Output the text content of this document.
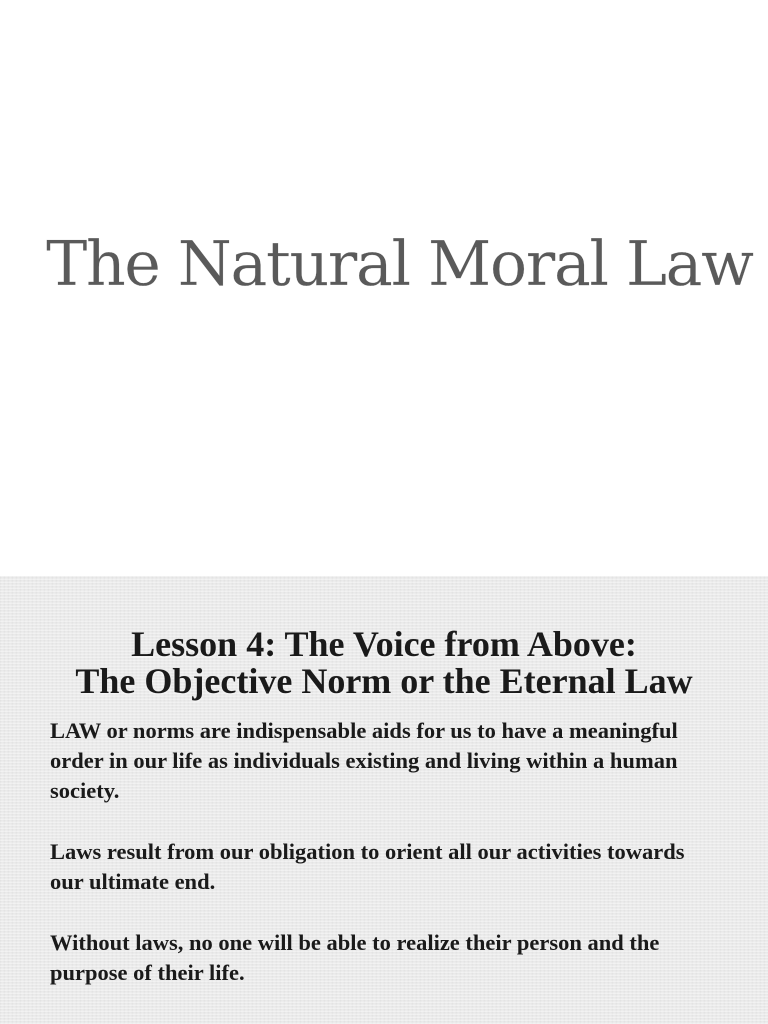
The Natural Moral Law
Lesson 4: The Voice from Above:
The Objective Norm or the Eternal Law

LAW or norms are indispensable aids for us to have a meaningful order in our life as individuals existing and living within a human society.

Laws result from our obligation to orient all our activities towards our ultimate end.

Without laws, no one will be able to realize their person and the purpose of their life.
